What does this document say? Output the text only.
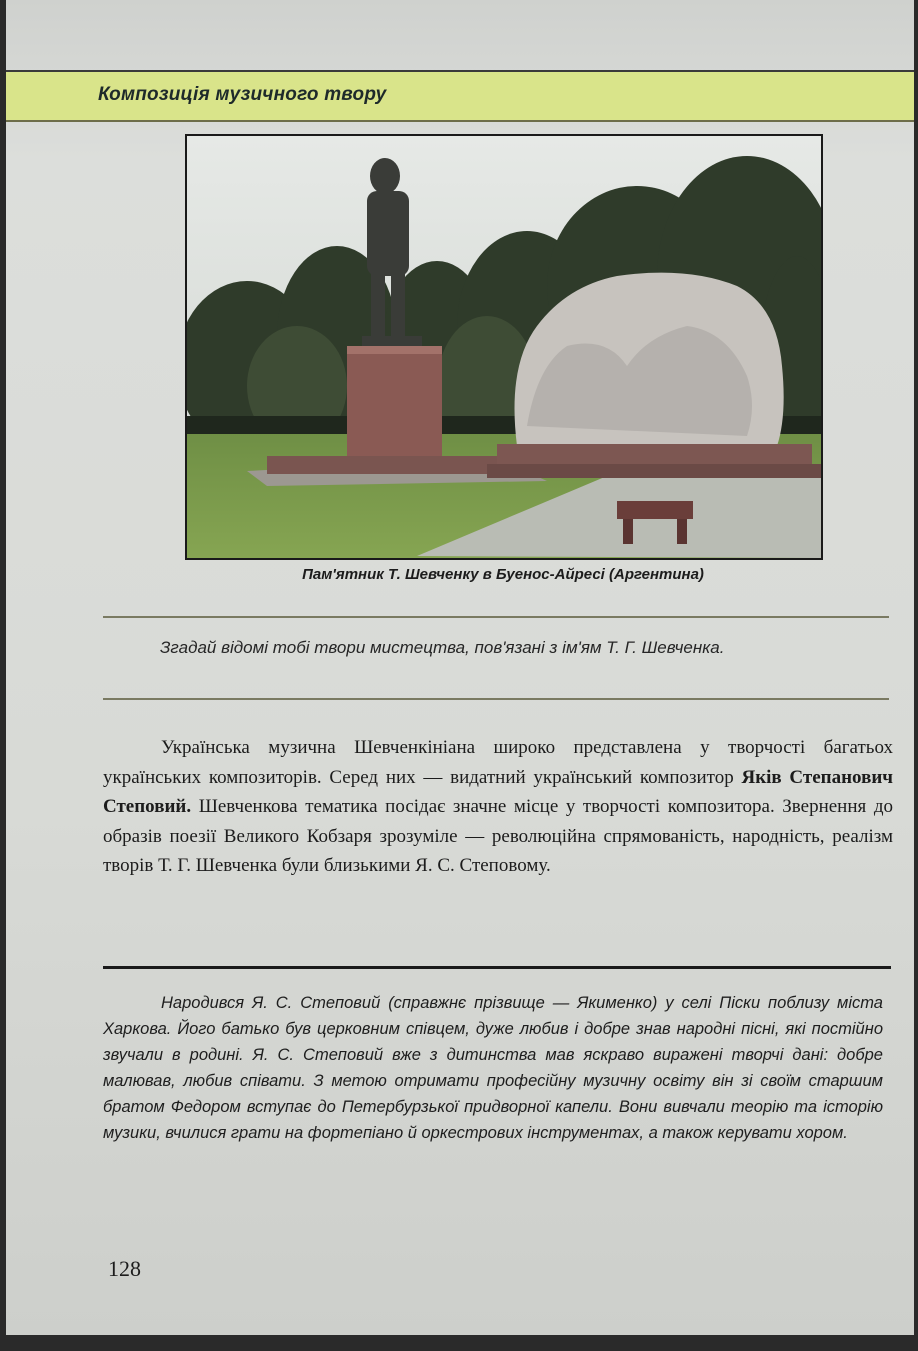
Композиція музичного твору
Пам'ятник Т. Шевченку в Буенос-Айресі (Аргентина)
Згадай відомі тобі твори мистецтва, пов'язані з ім'ям Т. Г. Шевченка.
Українська музична Шевченкініана широко представлена у творчості багатьох українських композиторів. Серед них — видатний український композитор Яків Степанович Степовий. Шевченкова тематика посідає значне місце у творчості композитора. Звернення до образів поезії Великого Кобзаря зрозуміле — революційна спрямованість, народність, реалізм творів Т. Г. Шевченка були близькими Я. С. Степовому.
Народився Я. С. Степовий (справжнє прізвище — Якименко) у селі Піски поблизу міста Харкова. Його батько був церковним співцем, дуже любив і добре знав народні пісні, які постійно звучали в родині. Я. С. Степовий вже з дитинства мав яскраво виражені творчі дані: добре малював, любив співати. З метою отримати професійну музичну освіту він зі своїм старшим братом Федором вступає до Петербурзької придворної капели. Вони вивчали теорію та історію музики, вчилися грати на фортепіано й оркестрових інструментах, а також керувати хором.
128
